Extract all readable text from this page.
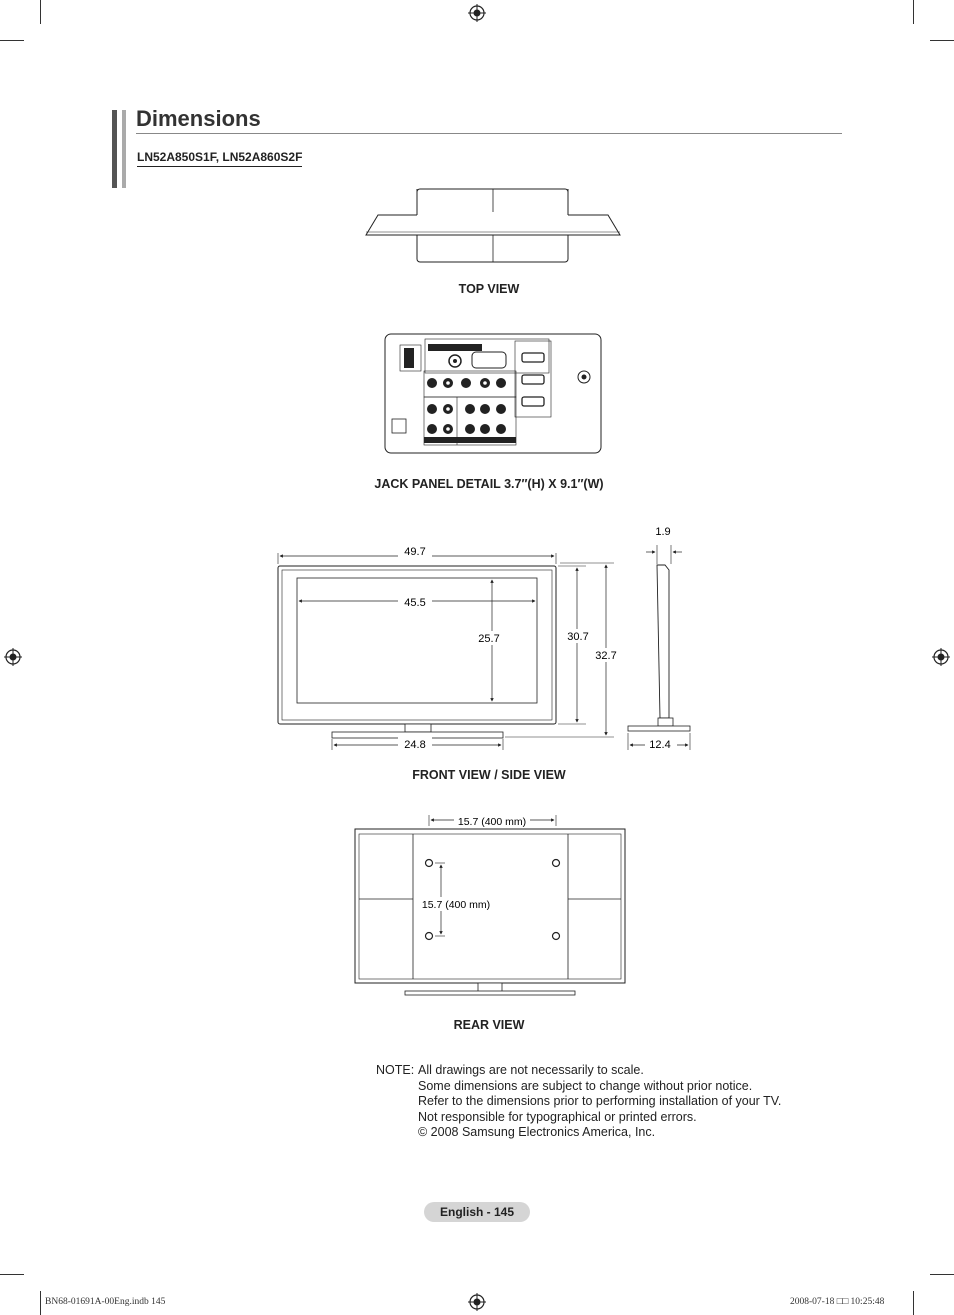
Dimensions
LN52A850S1F, LN52A860S2F
TOP VIEW
JACK PANEL DETAIL 3.7″(H) X 9.1″(W)
49.7
45.5
25.7	30.7
32.7
24.8
1.9
12.4
FRONT VIEW / SIDE VIEW
15.7 (400 mm)
15.7 (400 mm)
REAR VIEW
NOTE: All drawings are not necessarily to scale.
Some dimensions are subject to change without prior notice.
Refer to the dimensions prior to performing installation of your TV.
Not responsible for typographical or printed errors.
© 2008 Samsung Electronics America, Inc.
English - 145
BN68-01691A-00Eng.indb 145	2008-07-18 □□ 10:25:48
